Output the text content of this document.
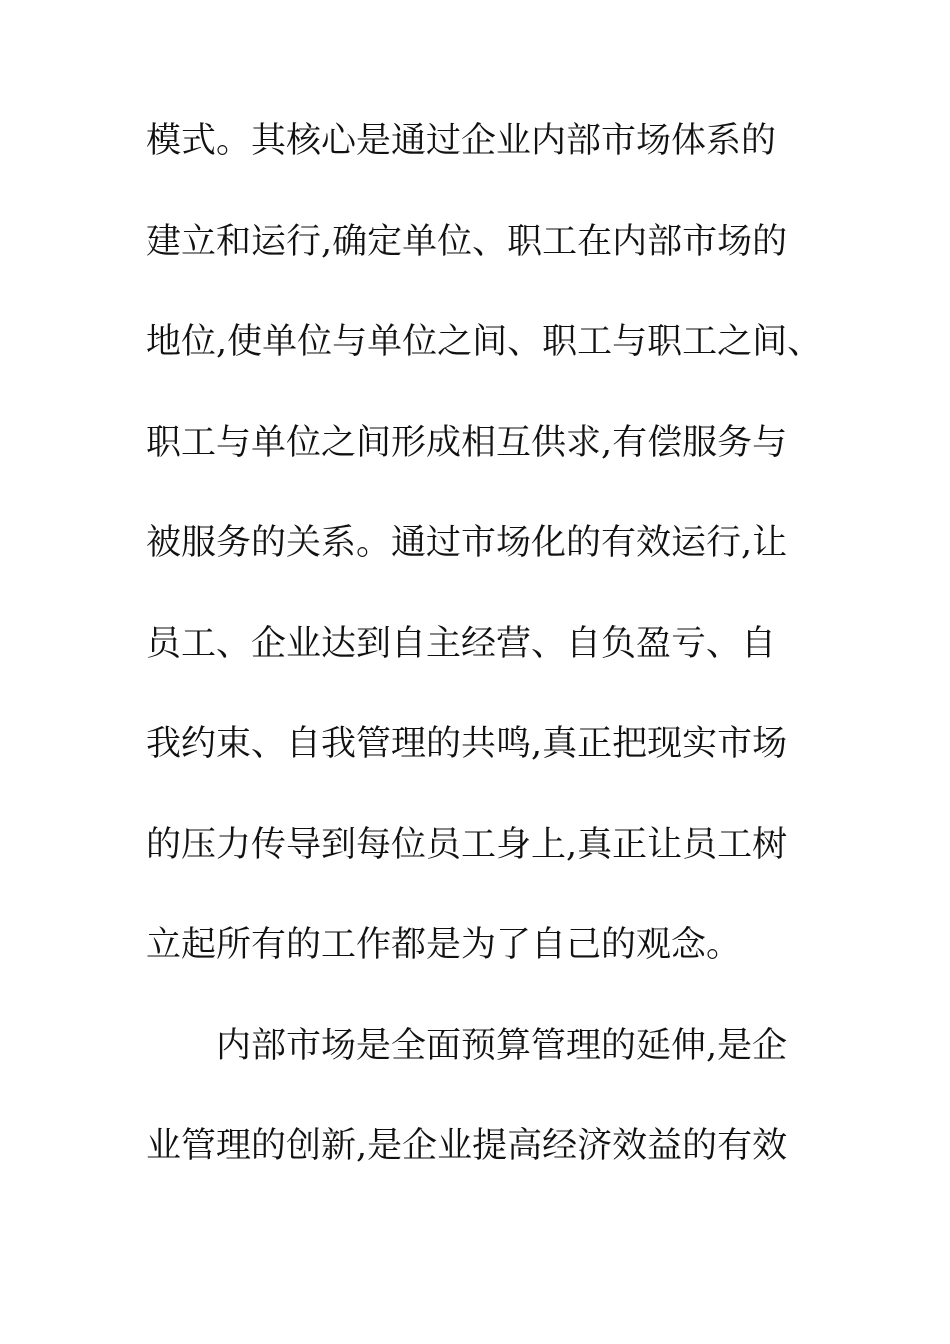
模式。其核心是通过企业内部市场体系的
建立和运行,确定单位、职工在内部市场的
地位,使单位与单位之间、职工与职工之间、
职工与单位之间形成相互供求,有偿服务与
被服务的关系。通过市场化的有效运行,让
员工、企业达到自主经营、自负盈亏、自
我约束、自我管理的共鸣,真正把现实市场
的压力传导到每位员工身上,真正让员工树
立起所有的工作都是为了自己的观念。
内部市场是全面预算管理的延伸,是企
业管理的创新,是企业提高经济效益的有效
